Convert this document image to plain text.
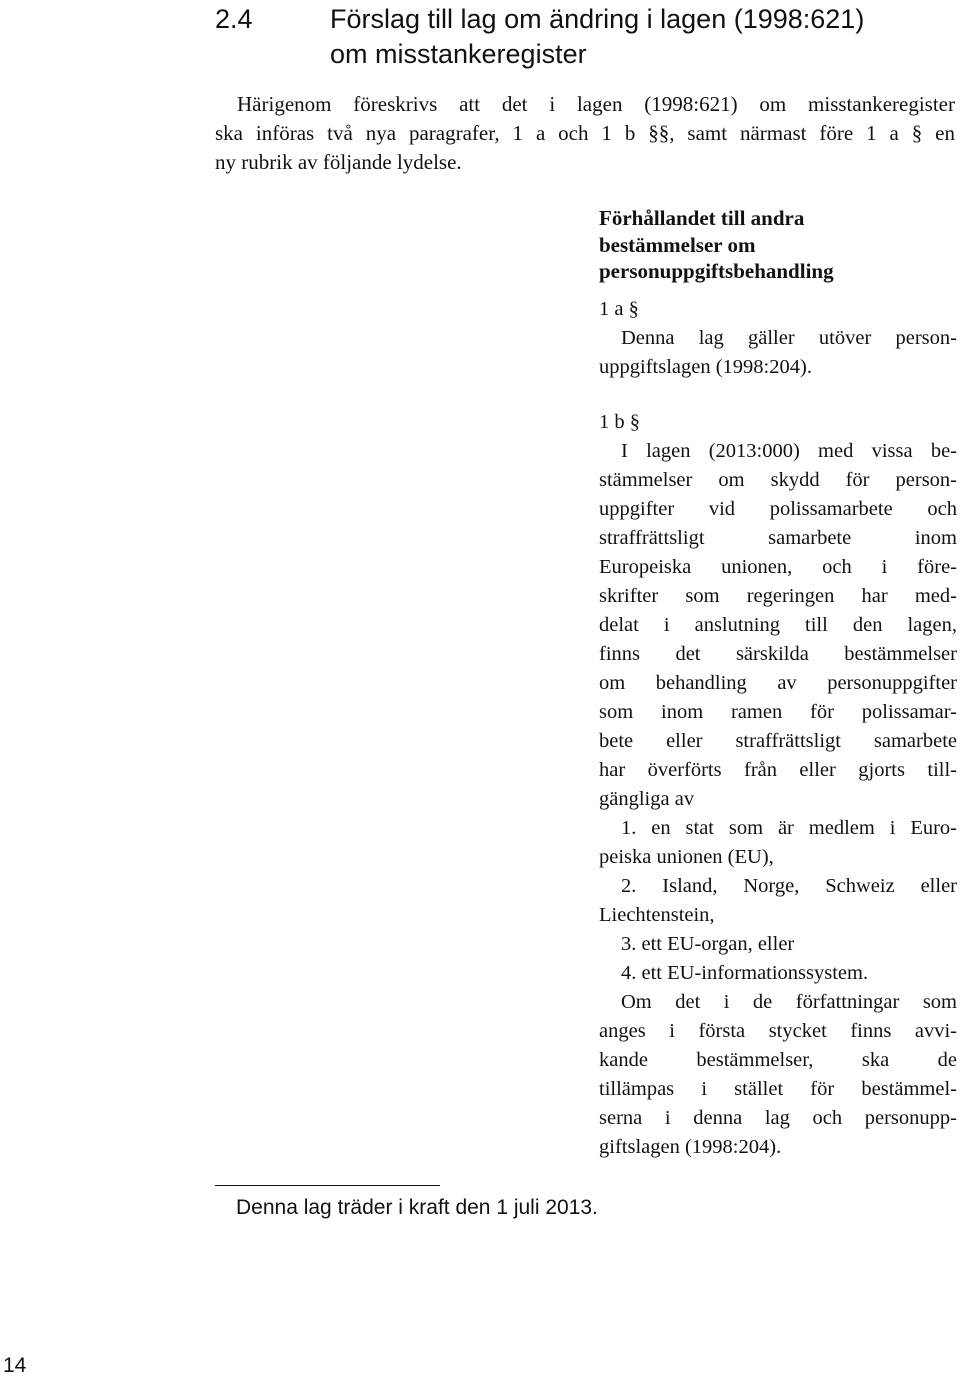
2.4	Förslag till lag om ändring i lagen (1998:621)
om misstankeregister
Härigenom föreskrivs att det i lagen (1998:621) om misstankeregister
ska införas två nya paragrafer, 1 a och 1 b §§, samt närmast före 1 a § en
ny rubrik av följande lydelse.
Förhållandet till andra
bestämmelser om
personuppgiftsbehandling
1 a §
Denna lag gäller utöver person-
uppgiftslagen (1998:204).
1 b §
I lagen (2013:000) med vissa be-
stämmelser om skydd för person-
uppgifter vid polissamarbete och
straffrättsligt samarbete inom
Europeiska unionen, och i före-
skrifter som regeringen har med-
delat i anslutning till den lagen,
finns det särskilda bestämmelser
om behandling av personuppgifter
som inom ramen för polissamar-
bete eller straffrättsligt samarbete
har överförts från eller gjorts till-
gängliga av
1. en stat som är medlem i Euro-
peiska unionen (EU),
2. Island, Norge, Schweiz eller
Liechtenstein,
3. ett EU-organ, eller
4. ett EU-informationssystem.
Om det i de författningar som
anges i första stycket finns avvi-
kande bestämmelser, ska de
tillämpas i stället för bestämmel-
serna i denna lag och personupp-
giftslagen (1998:204).
Denna lag träder i kraft den 1 juli 2013.
14
